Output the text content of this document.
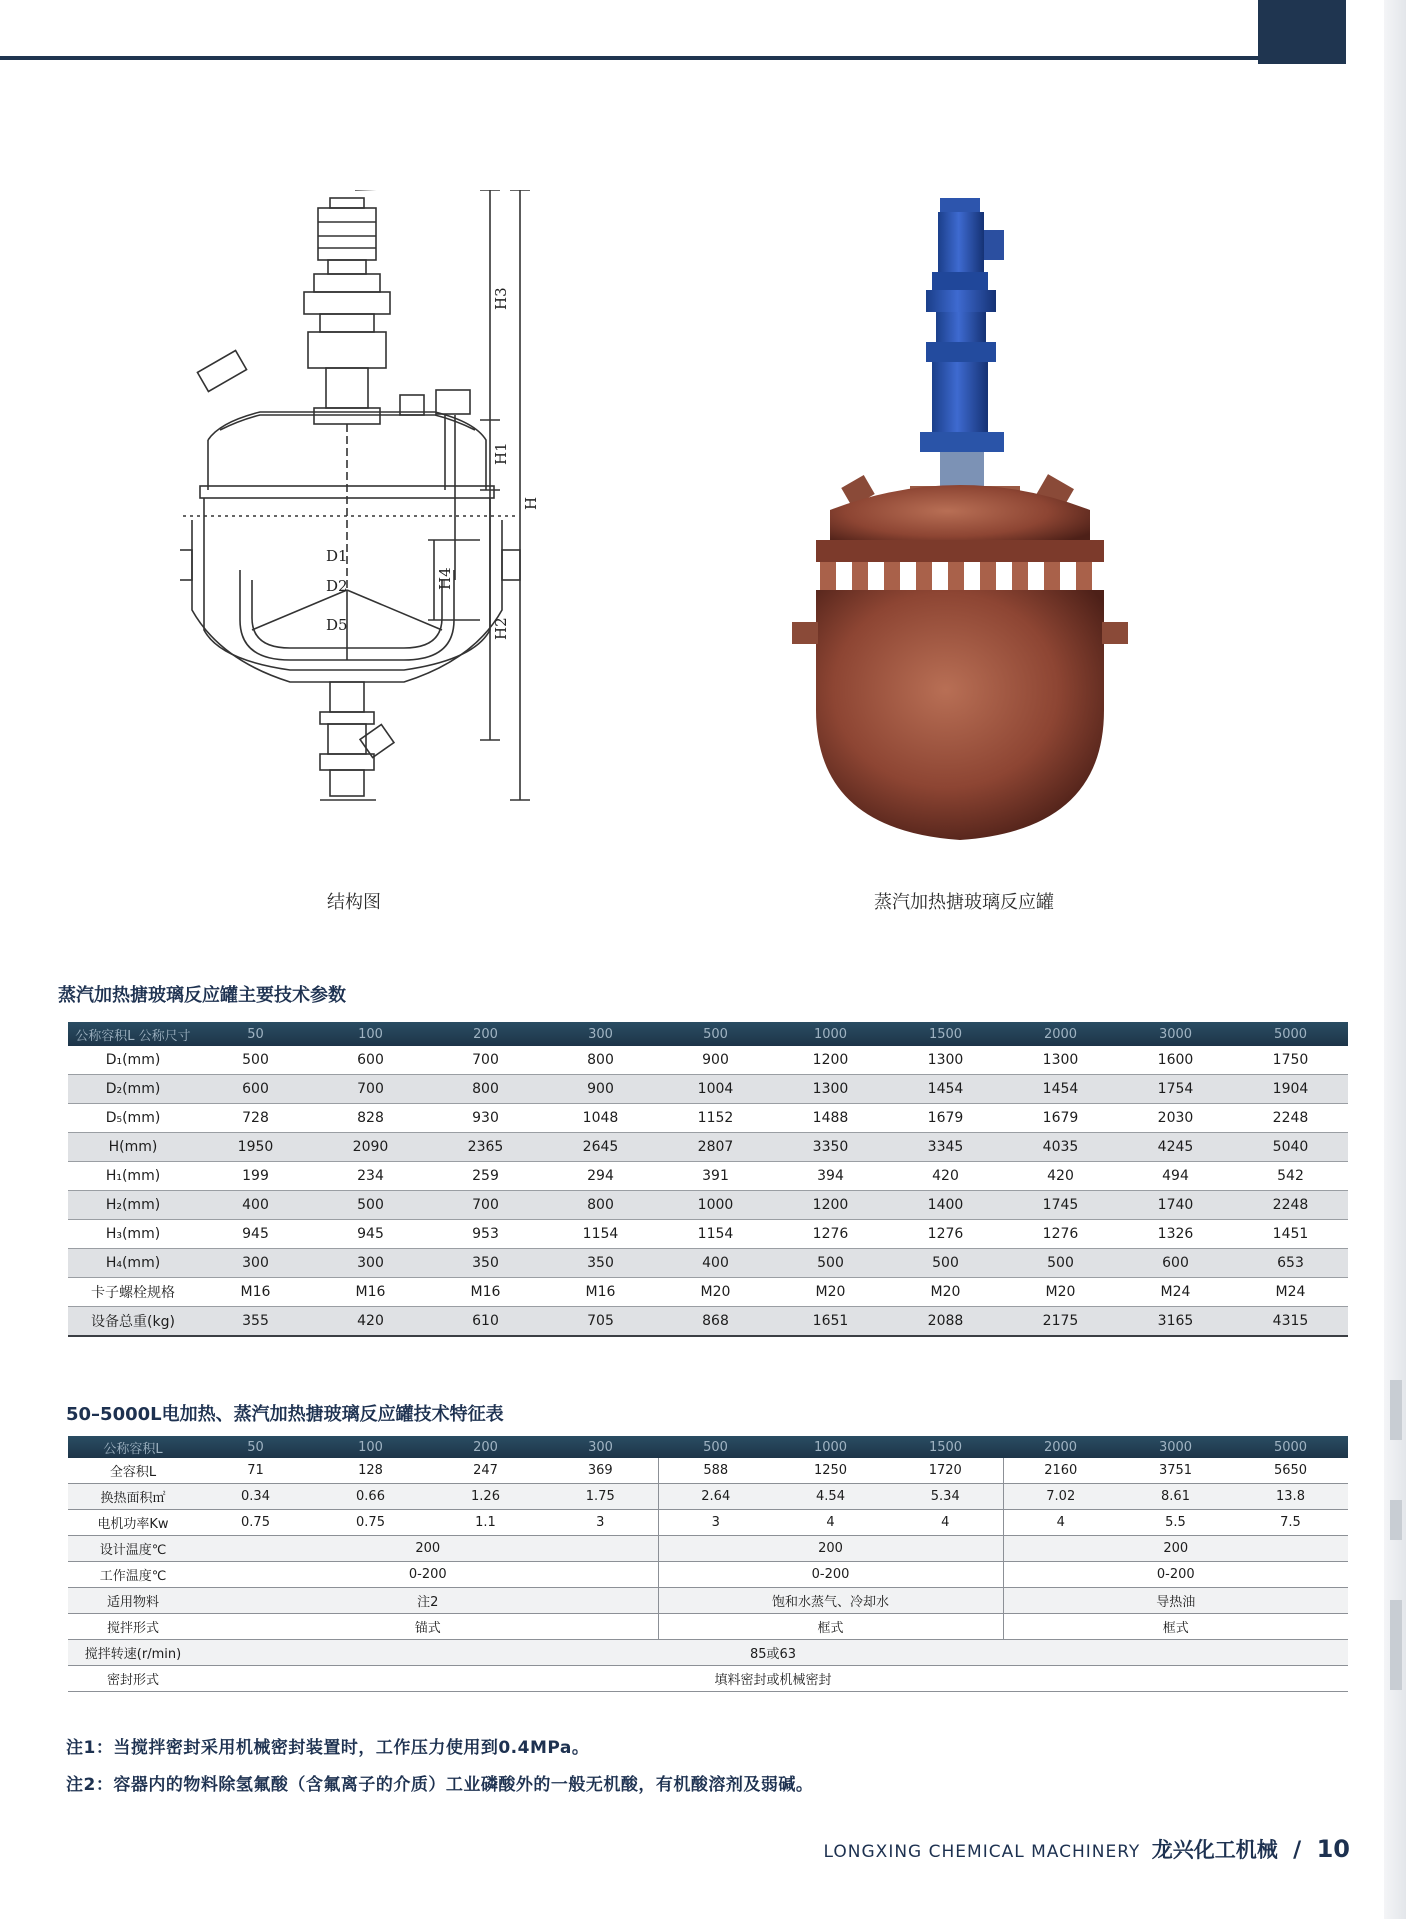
H3
H1
H
H4
H2
D1
D2
D5
结构图	蒸汽加热搪玻璃反应罐
蒸汽加热搪玻璃反应罐主要技术参数
公称容积L 公称尺寸	50	100	200	300	500	1000	1500	2000	3000	5000
D₁(mm)	500	600	700	800	900	1200	1300	1300	1600	1750
D₂(mm)	600	700	800	900	1004	1300	1454	1454	1754	1904
D₅(mm)	728	828	930	1048	1152	1488	1679	1679	2030	2248
H(mm)	1950	2090	2365	2645	2807	3350	3345	4035	4245	5040
H₁(mm)	199	234	259	294	391	394	420	420	494	542
H₂(mm)	400	500	700	800	1000	1200	1400	1745	1740	2248
H₃(mm)	945	945	953	1154	1154	1276	1276	1276	1326	1451
H₄(mm)	300	300	350	350	400	500	500	500	600	653
卡子螺栓规格	M16	M16	M16	M16	M20	M20	M20	M20	M24	M24
设备总重(kg)	355	420	610	705	868	1651	2088	2175	3165	4315
50–5000L电加热、蒸汽加热搪玻璃反应罐技术特征表
公称容积L	50	100	200	300	500	1000	1500	2000	3000	5000
全容积L	71	128	247	369	588	1250	1720	2160	3751	5650
换热面积㎡	0.34	0.66	1.26	1.75	2.64	4.54	5.34	7.02	8.61	13.8
电机功率Kw	0.75	0.75	1.1	3	3	4	4	4	5.5	7.5
设计温度℃	200				200			200		
工作温度℃	0-200				0-200			0-200		
适用物料	注2				饱和水蒸气、冷却水			导热油		
搅拌形式	锚式				框式			框式		
搅拌转速(r/min)	85或63									
密封形式	填料密封或机械密封									
注1：当搅拌密封采用机械密封装置时，工作压力使用到0.4MPa。
注2：容器内的物料除氢氟酸（含氟离子的介质）工业磷酸外的一般无机酸，有机酸溶剂及弱碱。
LONGXING CHEMICAL MACHINERY 龙兴化工机械 / 10
